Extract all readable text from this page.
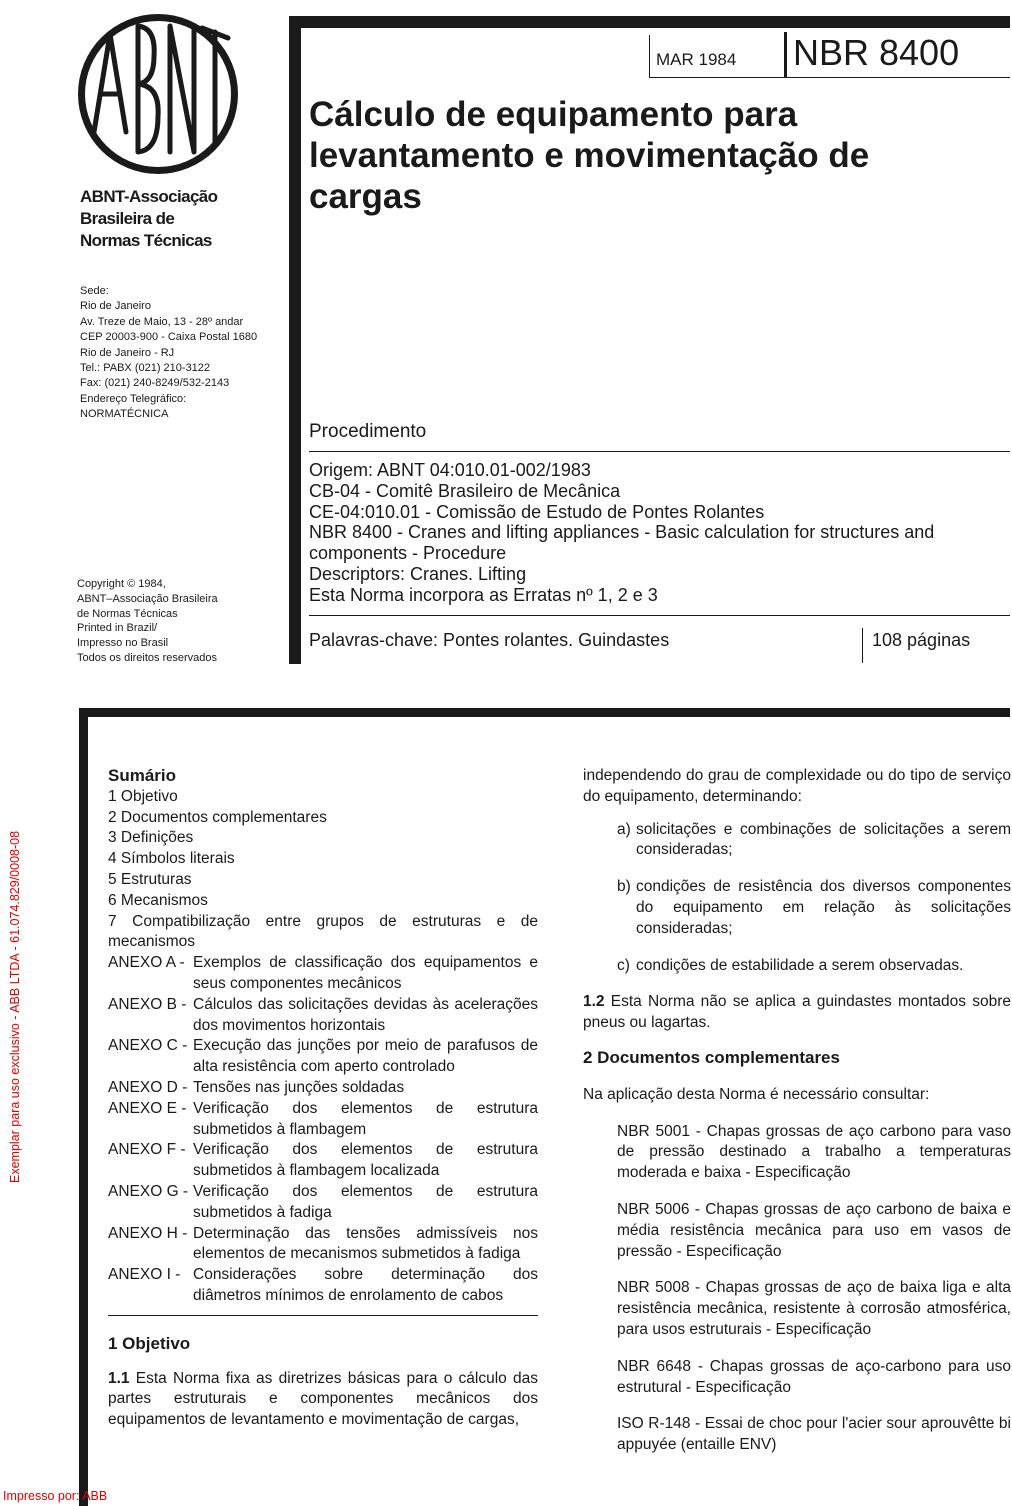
ABNT-Associação
Brasileira de
Normas Técnicas
Sede:
Rio de Janeiro
Av. Treze de Maio, 13 - 28º andar
CEP 20003-900 - Caixa Postal 1680
Rio de Janeiro - RJ
Tel.: PABX (021) 210-3122
Fax: (021) 240-8249/532-2143
Endereço Telegráfico:
NORMATÉCNICA
Copyright © 1984,
ABNT–Associação Brasileira
de Normas Técnicas
Printed in Brazil/
Impresso no Brasil
Todos os direitos reservados
MAR 1984 NBR 8400
Cálculo de equipamento para
levantamento e movimentação de
cargas
Procedimento
Origem: ABNT 04:010.01-002/1983
CB-04 - Comitê Brasileiro de Mecânica
CE-04:010.01 - Comissão de Estudo de Pontes Rolantes
NBR 8400 - Cranes and lifting appliances - Basic calculation for structures and
components - Procedure
Descriptors: Cranes. Lifting
Esta Norma incorpora as Erratas nº 1, 2 e 3
Palavras-chave: Pontes rolantes. Guindastes	108 páginas
Exemplar para uso exclusivo - ABB LTDA - 61.074.829/0008-08
Impresso por: ABB
Sumário
1 Objetivo
2 Documentos complementares
3 Definições
4 Símbolos literais
5 Estruturas
6 Mecanismos
7 Compatibilização entre grupos de estruturas e de mecanismos
ANEXO A - Exemplos de classificação dos equipamentos e seus componentes mecânicos
ANEXO B - Cálculos das solicitações devidas às acelerações dos movimentos horizontais
ANEXO C - Execução das junções por meio de parafusos de alta resistência com aperto controlado
ANEXO D - Tensões nas junções soldadas
ANEXO E - Verificação dos elementos de estrutura submetidos à flambagem
ANEXO F - Verificação dos elementos de estrutura submetidos à flambagem localizada
ANEXO G - Verificação dos elementos de estrutura submetidos à fadiga
ANEXO H - Determinação das tensões admissíveis nos elementos de mecanismos submetidos à fadiga
ANEXO I - Considerações sobre determinação dos diâmetros mínimos de enrolamento de cabos
1 Objetivo
1.1 Esta Norma fixa as diretrizes básicas para o cálculo das partes estruturais e componentes mecânicos dos equipamentos de levantamento e movimentação de cargas,
independendo do grau de complexidade ou do tipo de serviço do equipamento, determinando:
a) solicitações e combinações de solicitações a serem consideradas;
b) condições de resistência dos diversos componentes do equipamento em relação às solicitações consideradas;
c) condições de estabilidade a serem observadas.
1.2 Esta Norma não se aplica a guindastes montados sobre pneus ou lagartas.
2 Documentos complementares
Na aplicação desta Norma é necessário consultar:
NBR 5001 - Chapas grossas de aço carbono para vaso de pressão destinado a trabalho a temperaturas moderada e baixa - Especificação
NBR 5006 - Chapas grossas de aço carbono de baixa e média resistência mecânica para uso em vasos de pressão - Especificação
NBR 5008 - Chapas grossas de aço de baixa liga e alta resistência mecânica, resistente à corrosão atmosférica, para usos estruturais - Especificação
NBR 6648 - Chapas grossas de aço-carbono para uso estrutural - Especificação
ISO R-148 - Essai de choc pour l'acier sour aprouvêtte bi appuyée (entaille ENV)
